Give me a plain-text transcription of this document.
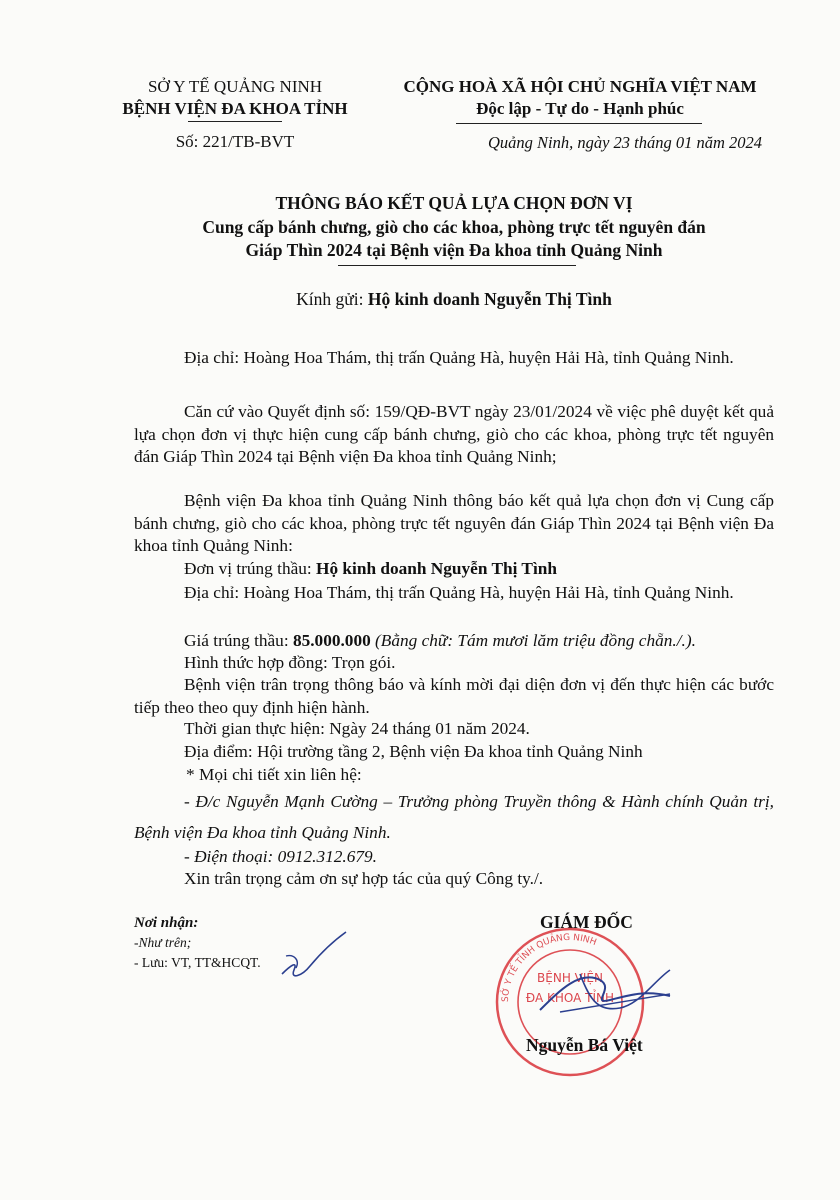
SỞ Y TẾ QUẢNG NINH
BỆNH VIỆN ĐA KHOA TỈNH
Số: 221/TB-BVT
CỘNG HOÀ XÃ HỘI CHỦ NGHĨA VIỆT NAM
Độc lập - Tự do - Hạnh phúc
Quảng Ninh, ngày 23 tháng 01 năm 2024
THÔNG BÁO KẾT QUẢ LỰA CHỌN ĐƠN VỊ
Cung cấp bánh chưng, giò cho các khoa, phòng trực tết nguyên đán
Giáp Thìn 2024 tại Bệnh viện Đa khoa tỉnh Quảng Ninh
Kính gửi: Hộ kinh doanh Nguyễn Thị Tình
Địa chỉ: Hoàng Hoa Thám, thị trấn Quảng Hà, huyện Hải Hà, tỉnh Quảng Ninh.
Căn cứ vào Quyết định số: 159/QĐ-BVT ngày 23/01/2024 về việc phê duyệt kết quả lựa chọn đơn vị thực hiện cung cấp bánh chưng, giò cho các khoa, phòng trực tết nguyên đán Giáp Thìn 2024 tại Bệnh viện Đa khoa tỉnh Quảng Ninh;
Bệnh viện Đa khoa tỉnh Quảng Ninh thông báo kết quả lựa chọn đơn vị Cung cấp bánh chưng, giò cho các khoa, phòng trực tết nguyên đán Giáp Thìn 2024 tại Bệnh viện Đa khoa tỉnh Quảng Ninh:
Đơn vị trúng thầu: Hộ kinh doanh Nguyễn Thị Tình
Địa chỉ: Hoàng Hoa Thám, thị trấn Quảng Hà, huyện Hải Hà, tỉnh Quảng Ninh.
Giá trúng thầu: 85.000.000 (Bằng chữ: Tám mươi lăm triệu đồng chẵn./.).
Hình thức hợp đồng: Trọn gói.
Bệnh viện trân trọng thông báo và kính mời đại diện đơn vị đến thực hiện các bước tiếp theo theo quy định hiện hành.
Thời gian thực hiện: Ngày 24 tháng 01 năm 2024.
Địa điểm: Hội trường tầng 2, Bệnh viện Đa khoa tỉnh Quảng Ninh
* Mọi chi tiết xin liên hệ:
- Đ/c Nguyễn Mạnh Cường – Trưởng phòng Truyền thông & Hành chính Quản trị, Bệnh viện Đa khoa tỉnh Quảng Ninh.
- Điện thoại: 0912.312.679.
Xin trân trọng cảm ơn sự hợp tác của quý Công ty./.
Nơi nhận:
-Như trên;
- Lưu: VT, TT&HCQT.
GIÁM ĐỐC
SỞ Y TẾ TỈNH QUẢNG NINH
BỆNH VIỆN
ĐA KHOA TỈNH
Nguyễn Bá Việt
